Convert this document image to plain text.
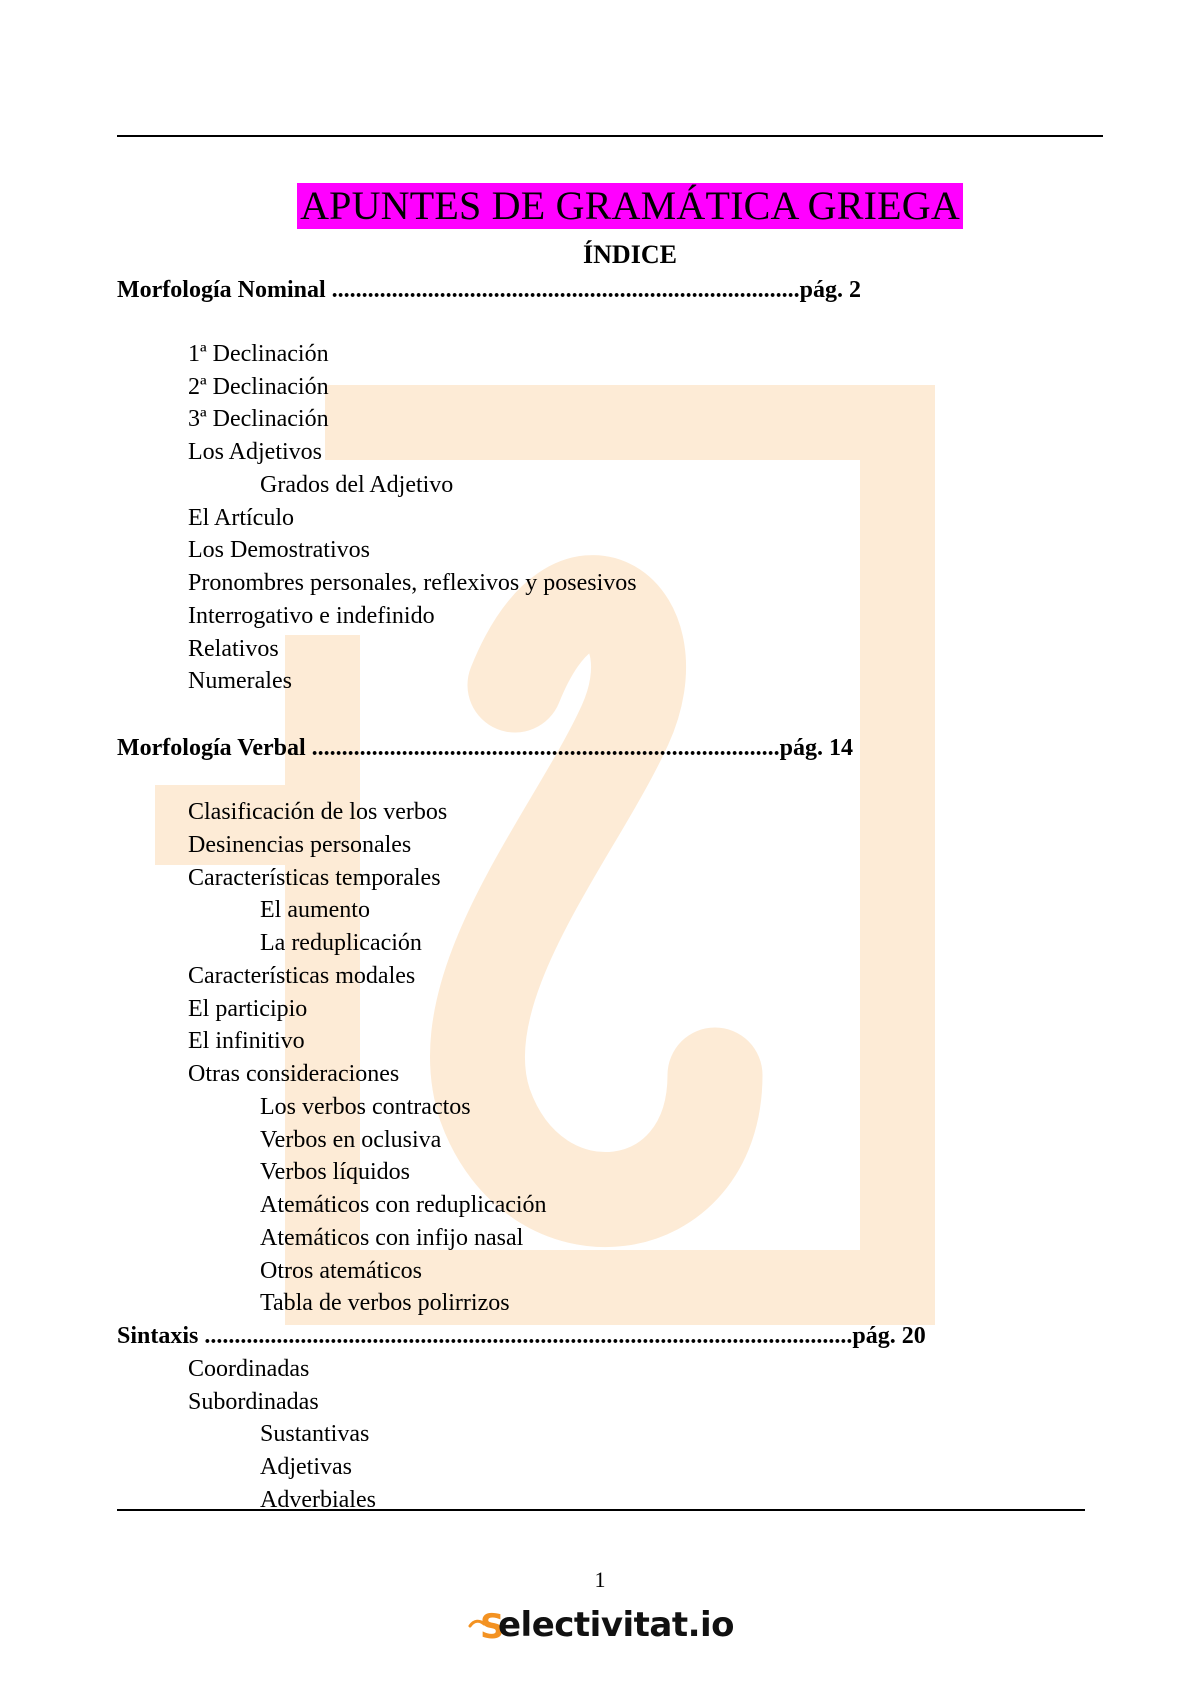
APUNTES DE GRAMÁTICA GRIEGA
ÍNDICE
Morfología Nominal ..............................................................................pág. 2
1ª Declinación
2ª Declinación
3ª Declinación
Los Adjetivos
Grados del Adjetivo
El Artículo
Los Demostrativos
Pronombres personales, reflexivos y posesivos
Interrogativo e indefinido
Relativos
Numerales
Morfología Verbal ..............................................................................pág. 14
Clasificación de los verbos
Desinencias personales
Características temporales
El aumento
La reduplicación
Características modales
El participio
El infinitivo
Otras consideraciones
Los verbos contractos
Verbos en oclusiva
Verbos líquidos
Atemáticos con reduplicación
Atemáticos con infijo nasal
Otros atemáticos
Tabla de verbos polirrizos
Sintaxis ............................................................................................................pág. 20
Coordinadas
Subordinadas
Sustantivas
Adjetivas
Adverbiales
1
S
electivitat.io
